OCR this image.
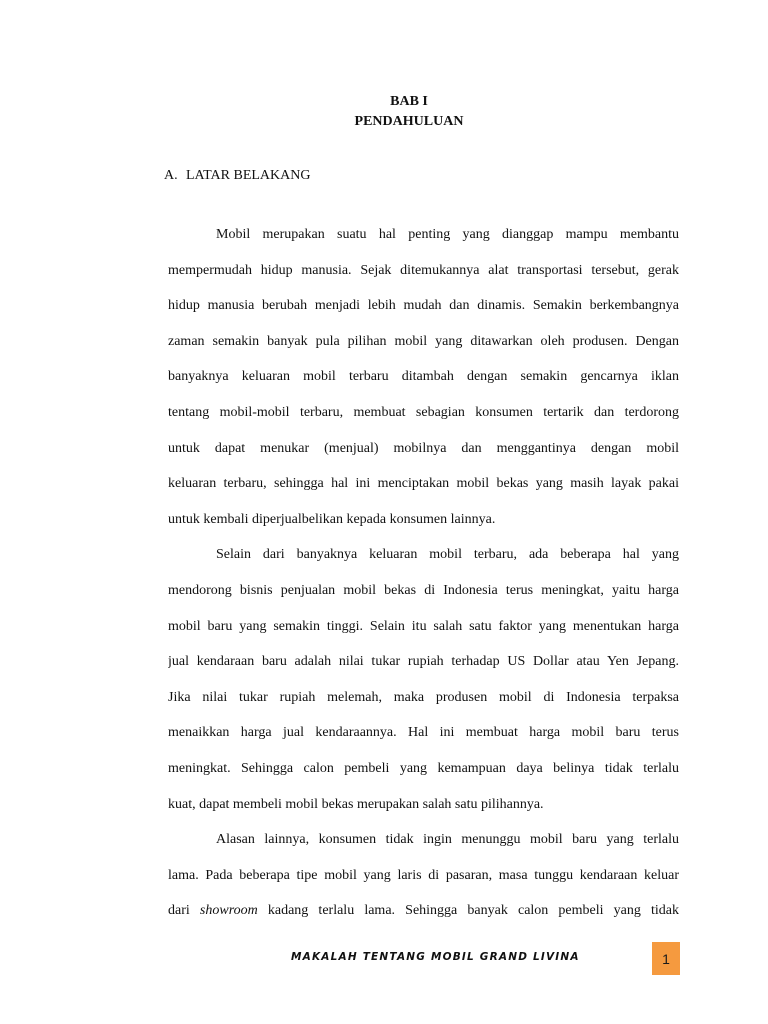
BAB I
PENDAHULUAN
A. LATAR BELAKANG
Mobil merupakan suatu hal penting yang dianggap mampu membantu
mempermudah hidup manusia. Sejak ditemukannya alat transportasi tersebut, gerak
hidup manusia berubah menjadi lebih mudah dan dinamis. Semakin berkembangnya
zaman semakin banyak pula pilihan mobil yang ditawarkan oleh produsen. Dengan
banyaknya keluaran mobil terbaru ditambah dengan semakin gencarnya iklan
tentang mobil-mobil terbaru, membuat sebagian konsumen tertarik dan terdorong
untuk dapat menukar (menjual) mobilnya dan menggantinya dengan mobil
keluaran terbaru, sehingga hal ini menciptakan mobil bekas yang masih layak pakai
untuk kembali diperjualbelikan kepada konsumen lainnya.
Selain dari banyaknya keluaran mobil terbaru, ada beberapa hal yang
mendorong bisnis penjualan mobil bekas di Indonesia terus meningkat, yaitu harga
mobil baru yang semakin tinggi. Selain itu salah satu faktor yang menentukan harga
jual kendaraan baru adalah nilai tukar rupiah terhadap US Dollar atau Yen Jepang.
Jika nilai tukar rupiah melemah, maka produsen mobil di Indonesia terpaksa
menaikkan harga jual kendaraannya. Hal ini membuat harga mobil baru terus
meningkat. Sehingga calon pembeli yang kemampuan daya belinya tidak terlalu
kuat, dapat membeli mobil bekas merupakan salah satu pilihannya.
Alasan lainnya, konsumen tidak ingin menunggu mobil baru yang terlalu
lama. Pada beberapa tipe mobil yang laris di pasaran, masa tunggu kendaraan keluar
dari showroom kadang terlalu lama. Sehingga banyak calon pembeli yang tidak
MAKALAH TENTANG MOBIL GRAND LIVINA	1
